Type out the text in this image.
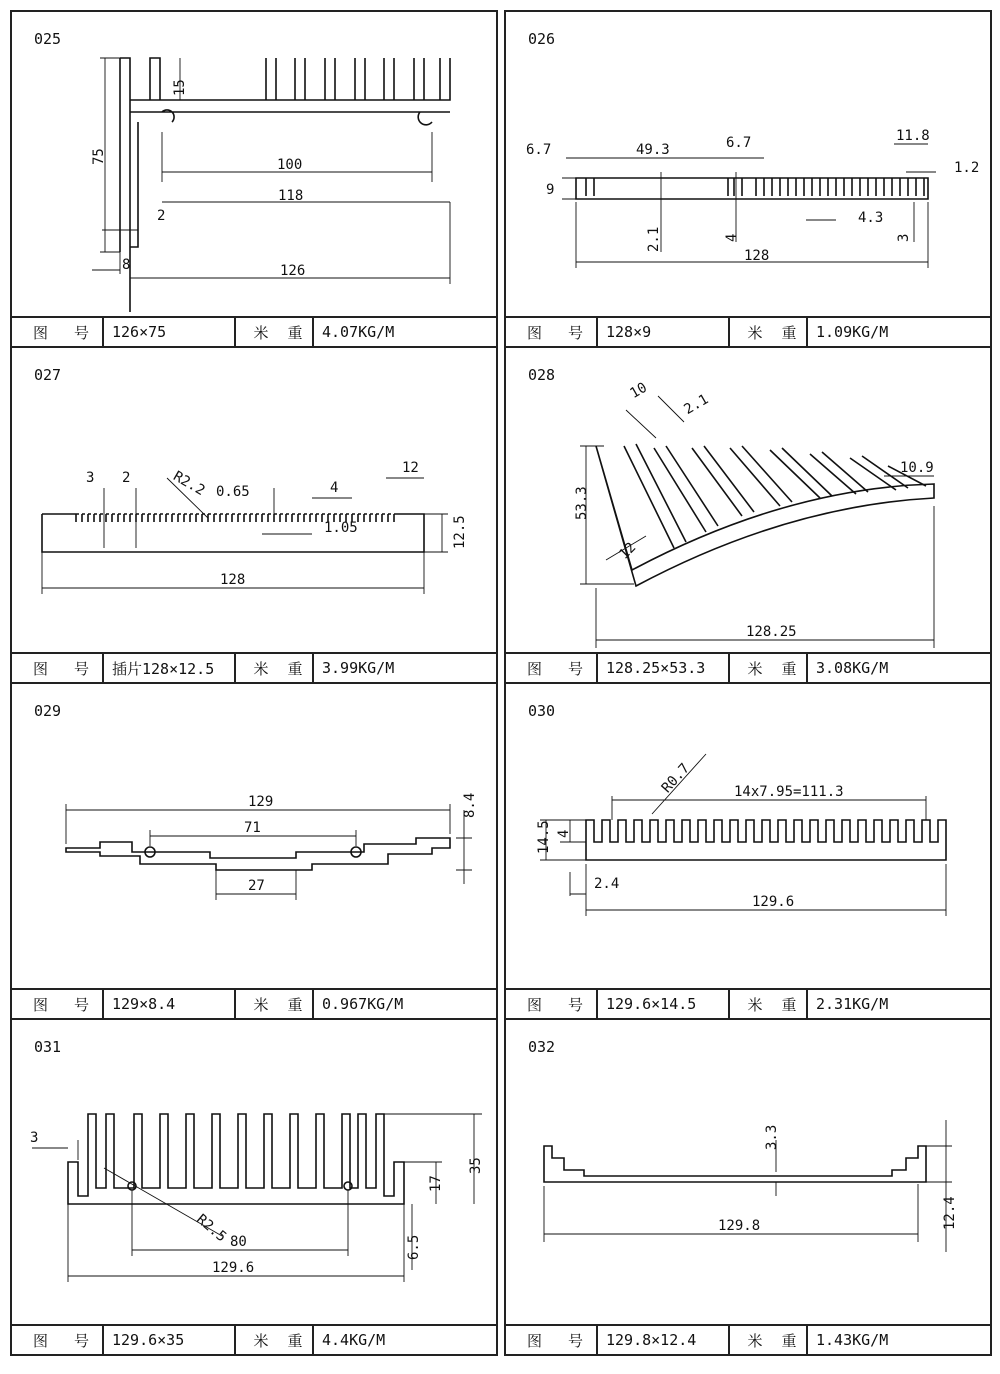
025
15
75	100
118
2
8	126
图 号	126×75	米 重	4.07KG/M
026
6.7	49.3	6.7	11.8
1.2
9
2.1	4
4.3
3
128
图 号	128×9	米 重	1.09KG/M
027
3 2	R2.2 0.65	4
12
1.05	12.5
128
图 号	插片128×12.5	米 重	3.99KG/M
028
10
2.1
53.3
10.9
12
128.25
图 号	128.25×53.3	米 重	3.08KG/M
029
129	8.4
71
27
图 号	129×8.4	米 重	0.967KG/M
030
R0.7	14x7.95=111.3
14.5 4
2.4
129.6
图 号	129.6×14.5	米 重	2.31KG/M
031
3
35
17
R2.5 80
129.6
6.5
图 号	129.6×35	米 重	4.4KG/M
032
3.3
129.8	12.4
图 号	129.8×12.4	米 重	1.43KG/M
